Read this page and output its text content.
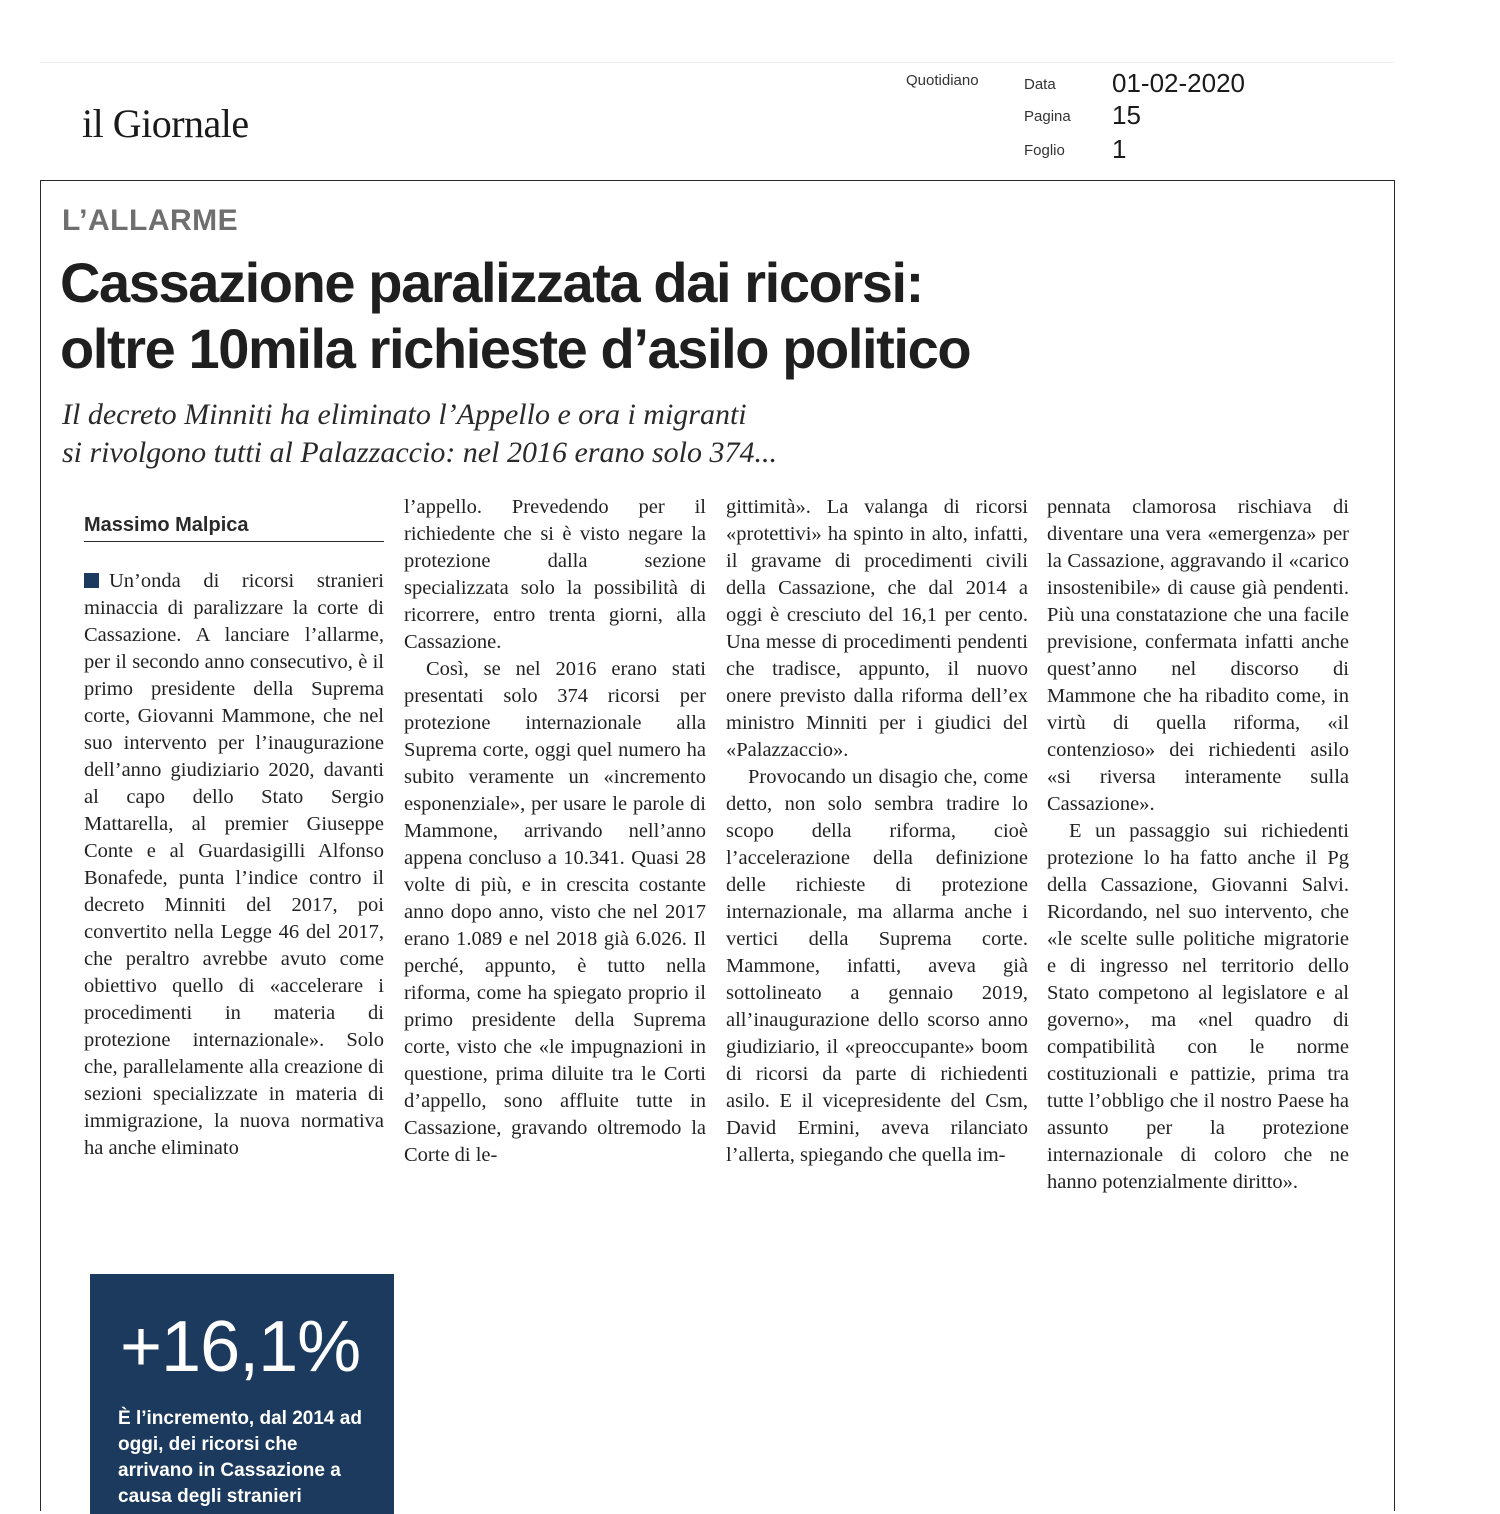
il Giornale
Quotidiano	Data 01-02-2020
Pagina 15
Foglio 1
L’ALLARME
Cassazione paralizzata dai ricorsi:
oltre 10mila richieste d’asilo politico
Il decreto Minniti ha eliminato l’Appello e ora i migranti
si rivolgono tutti al Palazzaccio: nel 2016 erano solo 374...
Massimo Malpica

Un’onda di ricorsi stranieri minaccia di paralizzare la corte di Cassazione. A lanciare l’allarme, per il secondo anno consecutivo, è il primo presidente della Suprema corte, Giovanni Mammone, che nel suo intervento per l’inaugurazione dell’anno giudiziario 2020, davanti al capo dello Stato Sergio Mattarella, al premier Giuseppe Conte e al Guardasigilli Alfonso Bonafede, punta l’indice contro il decreto Minniti del 2017, poi convertito nella Legge 46 del 2017, che peraltro avrebbe avuto come obiettivo quello di «accelerare i procedimenti in materia di protezione internazionale». Solo che, parallelamente alla creazione di sezioni specializzate in materia di immigrazione, la nuova normativa ha anche eliminato

l’appello. Prevedendo per il richiedente che si è visto negare la protezione dalla sezione specializzata solo la possibilità di ricorrere, entro trenta giorni, alla Cassazione.

Così, se nel 2016 erano stati presentati solo 374 ricorsi per protezione internazionale alla Suprema corte, oggi quel numero ha subito veramente un «incremento esponenziale», per usare le parole di Mammone, arrivando nell’anno appena concluso a 10.341. Quasi 28 volte di più, e in crescita costante anno dopo anno, visto che nel 2017 erano 1.089 e nel 2018 già 6.026. Il perché, appunto, è tutto nella riforma, come ha spiegato proprio il primo presidente della Suprema corte, visto che «le impugnazioni in questione, prima diluite tra le Corti d’appello, sono affluite tutte in Cassazione, gravando oltremodo la Corte di le-

gittimità». La valanga di ricorsi «protettivi» ha spinto in alto, infatti, il gravame di procedimenti civili della Cassazione, che dal 2014 a oggi è cresciuto del 16,1 per cento. Una messe di procedimenti pendenti che tradisce, appunto, il nuovo onere previsto dalla riforma dell’ex ministro Minniti per i giudici del «Palazzaccio».

Provocando un disagio che, come detto, non solo sembra tradire lo scopo della riforma, cioè l’accelerazione della definizione delle richieste di protezione internazionale, ma allarma anche i vertici della Suprema corte. Mammone, infatti, aveva già sottolineato a gennaio 2019, all’inaugurazione dello scorso anno giudiziario, il «preoccupante» boom di ricorsi da parte di richiedenti asilo. E il vicepresidente del Csm, David Ermini, aveva rilanciato l’allerta, spiegando che quella im-

pennata clamorosa rischiava di diventare una vera «emergenza» per la Cassazione, aggravando il «carico insostenibile» di cause già pendenti. Più una constatazione che una facile previsione, confermata infatti anche quest’anno nel discorso di Mammone che ha ribadito come, in virtù di quella riforma, «il contenzioso» dei richiedenti asilo «si riversa interamente sulla Cassazione».

E un passaggio sui richiedenti protezione lo ha fatto anche il Pg della Cassazione, Giovanni Salvi. Ricordando, nel suo intervento, che «le scelte sulle politiche migratorie e di ingresso nel territorio dello Stato competono al legislatore e al governo», ma «nel quadro di compatibilità con le norme costituzionali e pattizie, prima tra tutte l’obbligo che il nostro Paese ha assunto per la protezione internazionale di coloro che ne hanno potenzialmente diritto».

+16,1%
È l’incremento, dal 2014 ad oggi, dei ricorsi che arrivano in Cassazione a causa degli stranieri
